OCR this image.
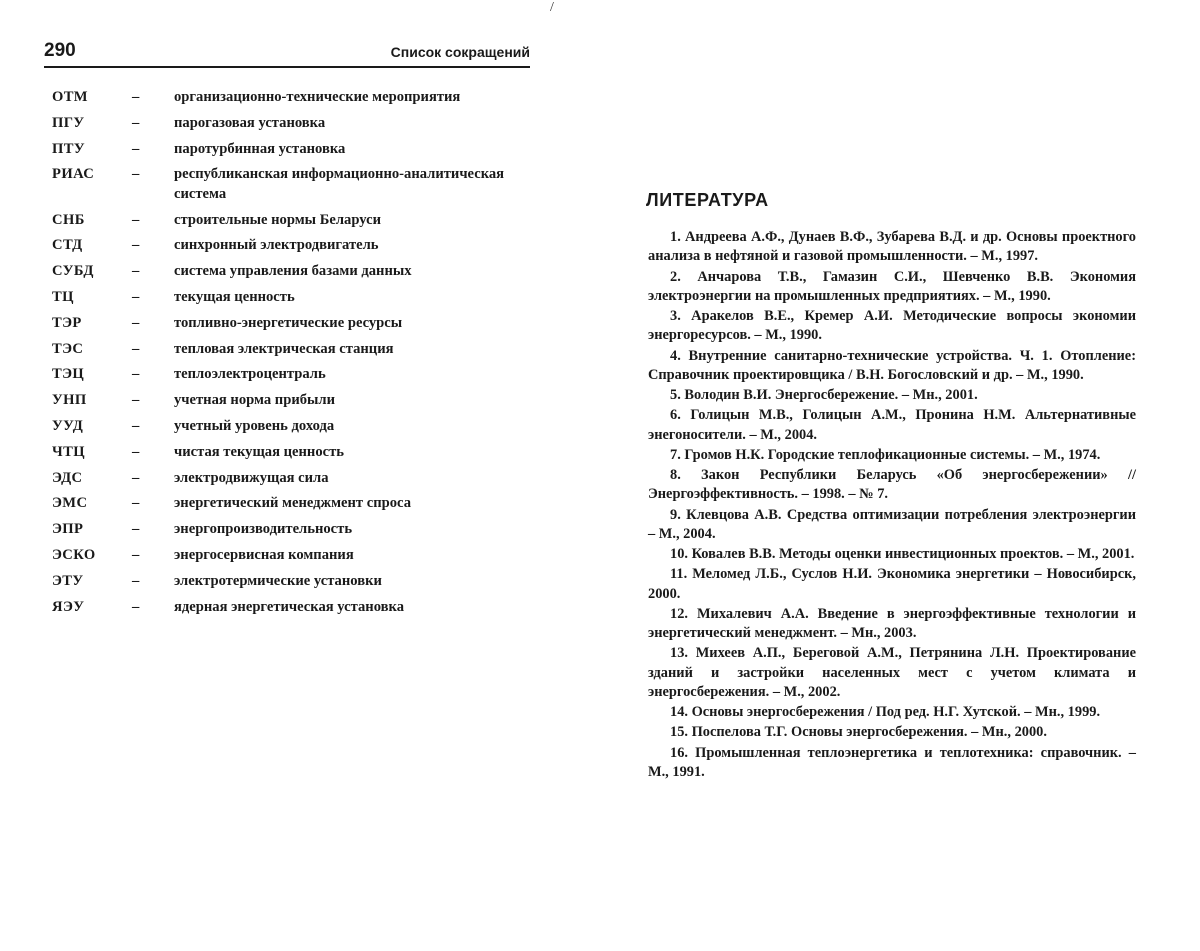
/
290	Список сокращений
ОТМ	–	организационно-технические мероприятия
ПГУ	–	парогазовая установка
ПТУ	–	паротурбинная установка
РИАС	–	республиканская информационно-аналитическая система
СНБ	–	строительные нормы Беларуси
СТД	–	синхронный электродвигатель
СУБД	–	система управления базами данных
ТЦ	–	текущая ценность
ТЭР	–	топливно-энергетические ресурсы
ТЭС	–	тепловая электрическая станция
ТЭЦ	–	теплоэлектроцентраль
УНП	–	учетная норма прибыли
УУД	–	учетный уровень дохода
ЧТЦ	–	чистая текущая ценность
ЭДС	–	электродвижущая сила
ЭМС	–	энергетический менеджмент спроса
ЭПР	–	энергопроизводительность
ЭСКО	–	энергосервисная компания
ЭТУ	–	электротермические установки
ЯЭУ	–	ядерная энергетическая установка
ЛИТЕРАТУРА
1. Андреева А.Ф., Дунаев В.Ф., Зубарева В.Д. и др. Основы проектного анализа в нефтяной и газовой промышленности. – М., 1997.
2. Анчарова Т.В., Гамазин С.И., Шевченко В.В. Экономия электроэнергии на промышленных предприятиях. – М., 1990.
3. Аракелов В.Е., Кремер А.И. Методические вопросы экономии энергоресурсов. – М., 1990.
4. Внутренние санитарно-технические устройства. Ч. 1. Отопление: Справочник проектировщика / В.Н. Богословский и др. – М., 1990.
5. Володин В.И. Энергосбережение. – Мн., 2001.
6. Голицын М.В., Голицын А.М., Пронина Н.М. Альтернативные энегоносители. – М., 2004.
7. Громов Н.К. Городские теплофикационные системы. – М., 1974.
8. Закон Республики Беларусь «Об энергосбережении» // Энергоэффективность. – 1998. – № 7.
9. Клевцова А.В. Средства оптимизации потребления электроэнергии – М., 2004.
10. Ковалев В.В. Методы оценки инвестиционных проектов. – М., 2001.
11. Меломед Л.Б., Суслов Н.И. Экономика энергетики – Новосибирск, 2000.
12. Михалевич А.А. Введение в энергоэффективные технологии и энергетический менеджмент. – Мн., 2003.
13. Михеев А.П., Береговой А.М., Петрянина Л.Н. Проектирование зданий и застройки населенных мест с учетом климата и энергосбережения. – М., 2002.
14. Основы энергосбережения / Под ред. Н.Г. Хутской. – Мн., 1999.
15. Поспелова Т.Г. Основы энергосбережения. – Мн., 2000.
16. Промышленная теплоэнергетика и теплотехника: справочник. – М., 1991.
